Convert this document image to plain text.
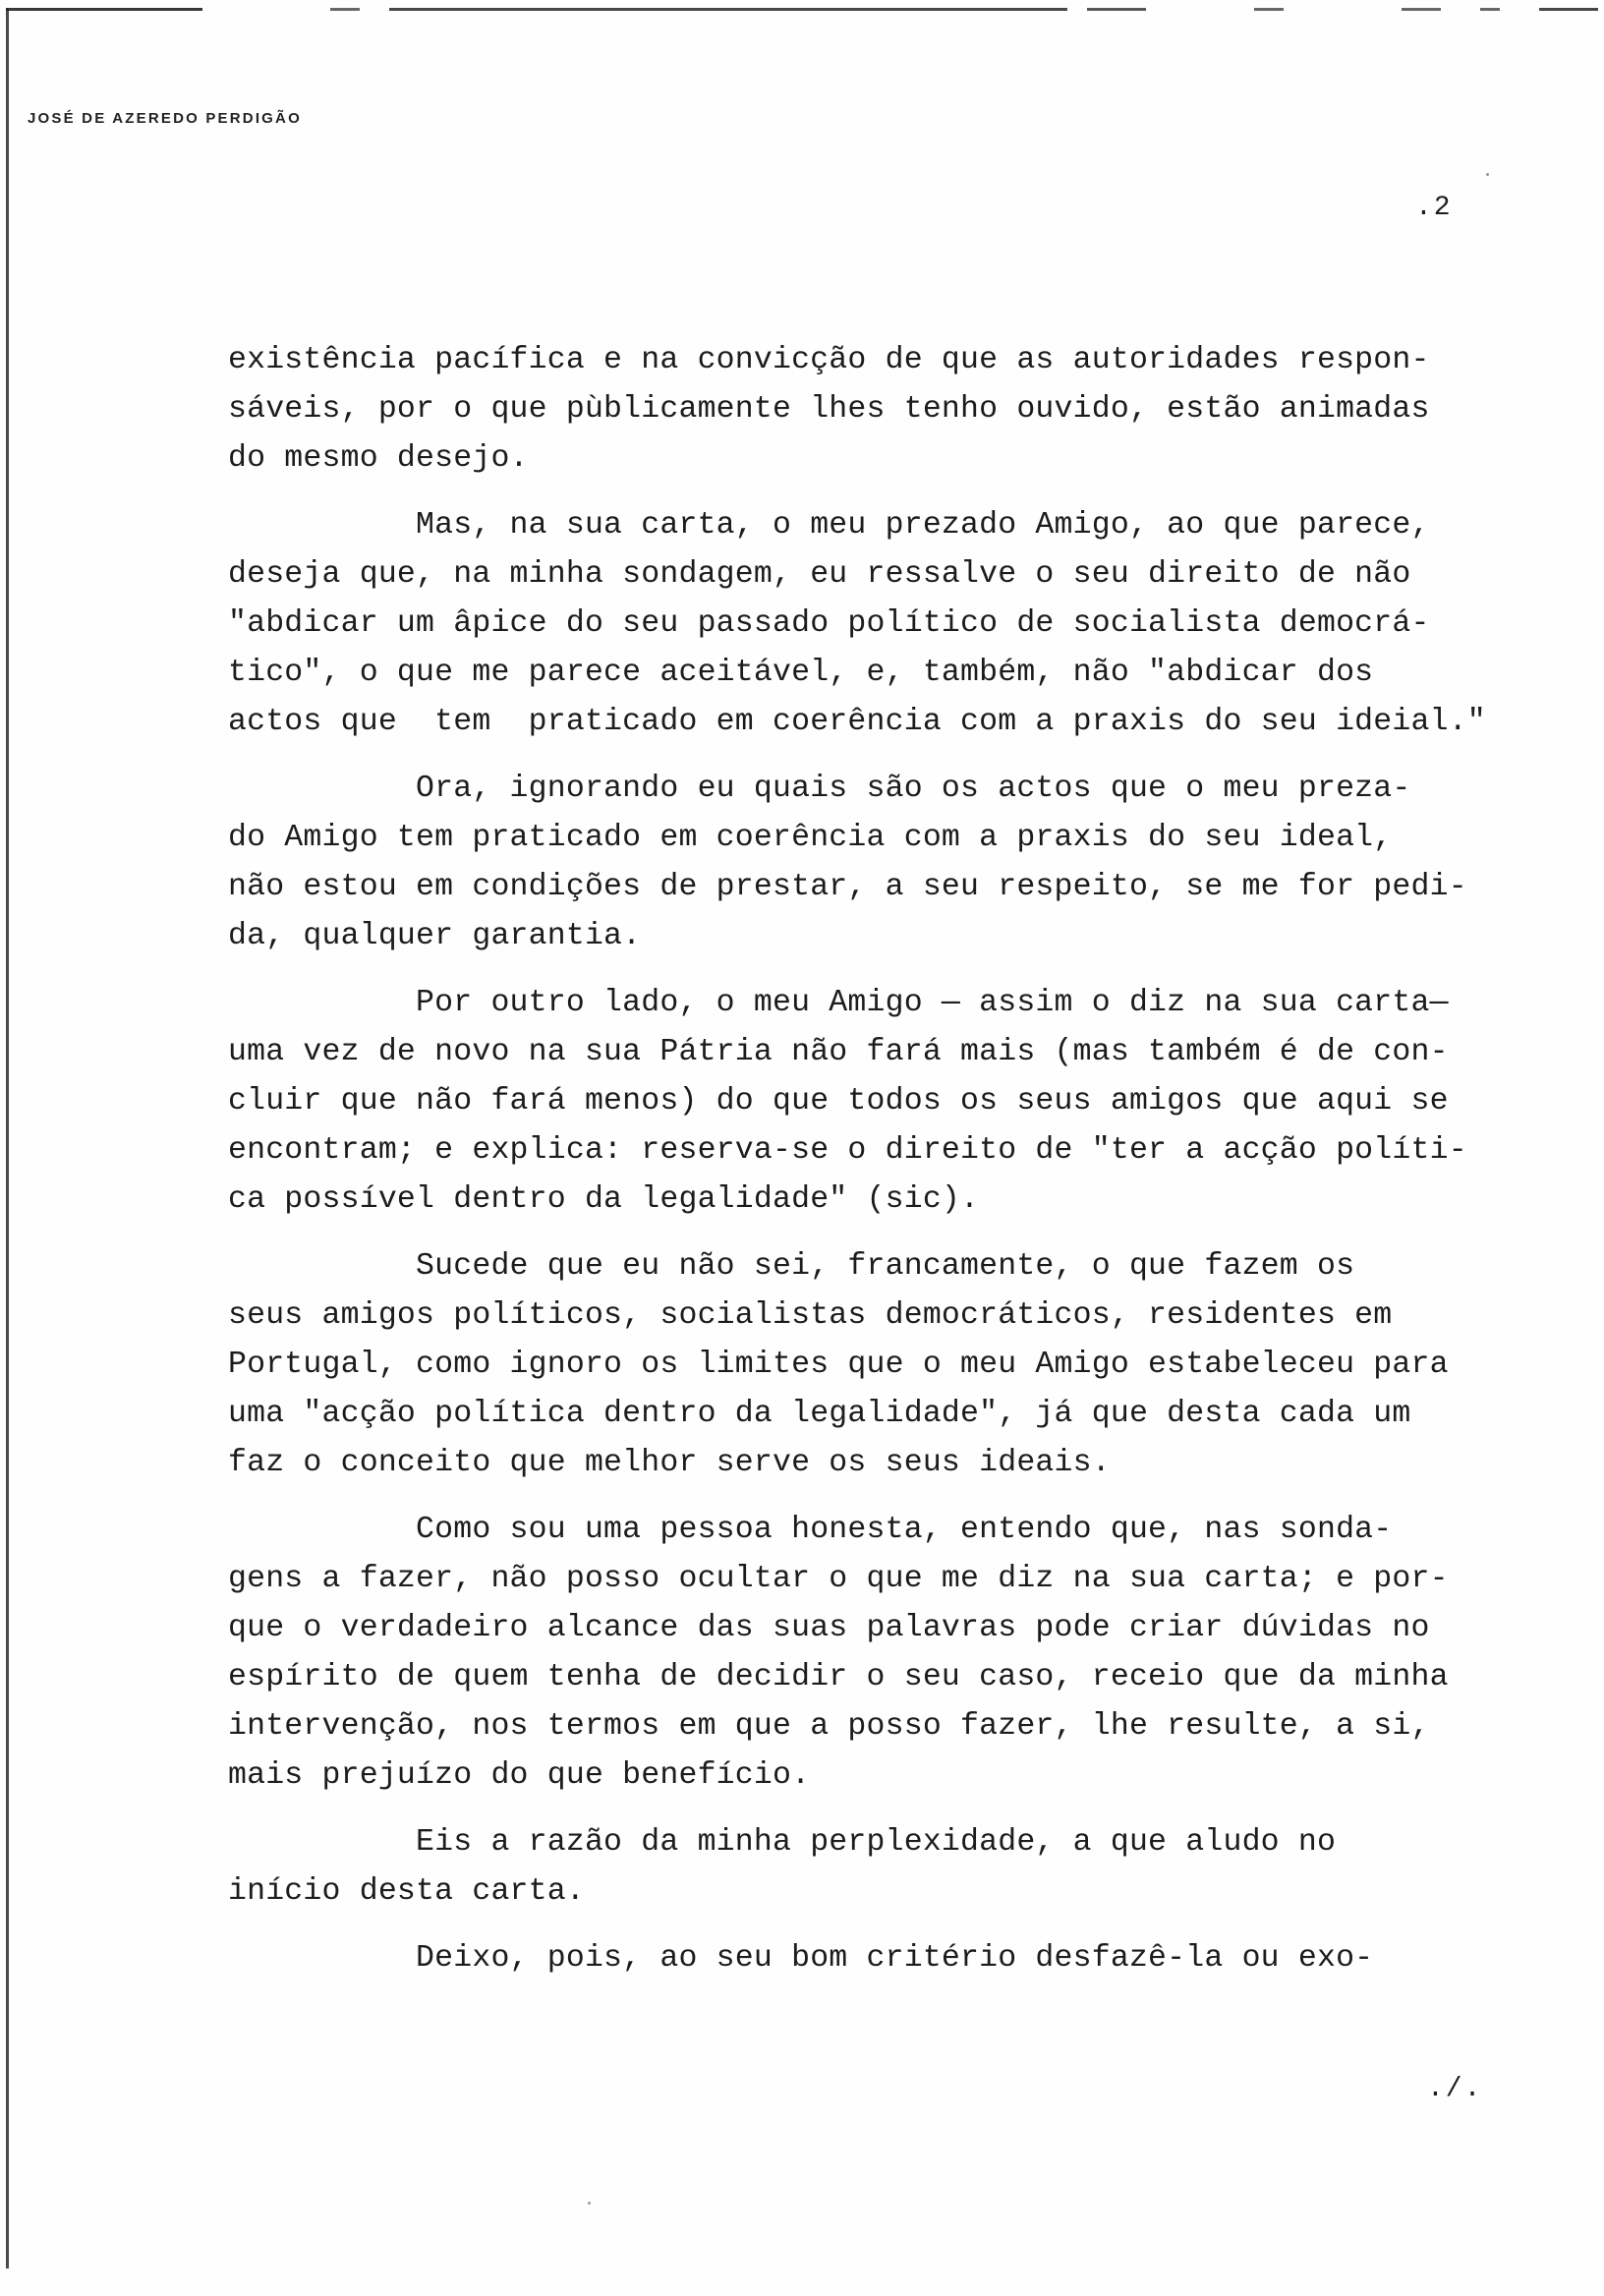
JOSÉ DE AZEREDO PERDIGÃO
.2
existência pacífica e na convicção de que as autoridades respon-
sáveis, por o que pùblicamente lhes tenho ouvido, estão animadas
do mesmo desejo.
Mas, na sua carta, o meu prezado Amigo, ao que parece,
deseja que, na minha sondagem, eu ressalve o seu direito de não
"abdicar um âpice do seu passado político de socialista democrá-
tico", o que me parece aceitável, e, também, não "abdicar dos
actos que  tem  praticado em coerência com a praxis do seu ideial."
Ora, ignorando eu quais são os actos que o meu preza-
do Amigo tem praticado em coerência com a praxis do seu ideal,
não estou em condições de prestar, a seu respeito, se me for pedi-
da, qualquer garantia.
Por outro lado, o meu Amigo — assim o diz na sua carta—
uma vez de novo na sua Pátria não fará mais (mas também é de con-
cluir que não fará menos) do que todos os seus amigos que aqui se
encontram; e explica: reserva-se o direito de "ter a acção políti-
ca possível dentro da legalidade" (sic).
Sucede que eu não sei, francamente, o que fazem os
seus amigos políticos, socialistas democráticos, residentes em
Portugal, como ignoro os limites que o meu Amigo estabeleceu para
uma "acção política dentro da legalidade", já que desta cada um
faz o conceito que melhor serve os seus ideais.
Como sou uma pessoa honesta, entendo que, nas sonda-
gens a fazer, não posso ocultar o que me diz na sua carta; e por-
que o verdadeiro alcance das suas palavras pode criar dúvidas no
espírito de quem tenha de decidir o seu caso, receio que da minha
intervenção, nos termos em que a posso fazer, lhe resulte, a si,
mais prejuízo do que benefício.
Eis a razão da minha perplexidade, a que aludo no
início desta carta.
Deixo, pois, ao seu bom critério desfazê-la ou exo-
./.
